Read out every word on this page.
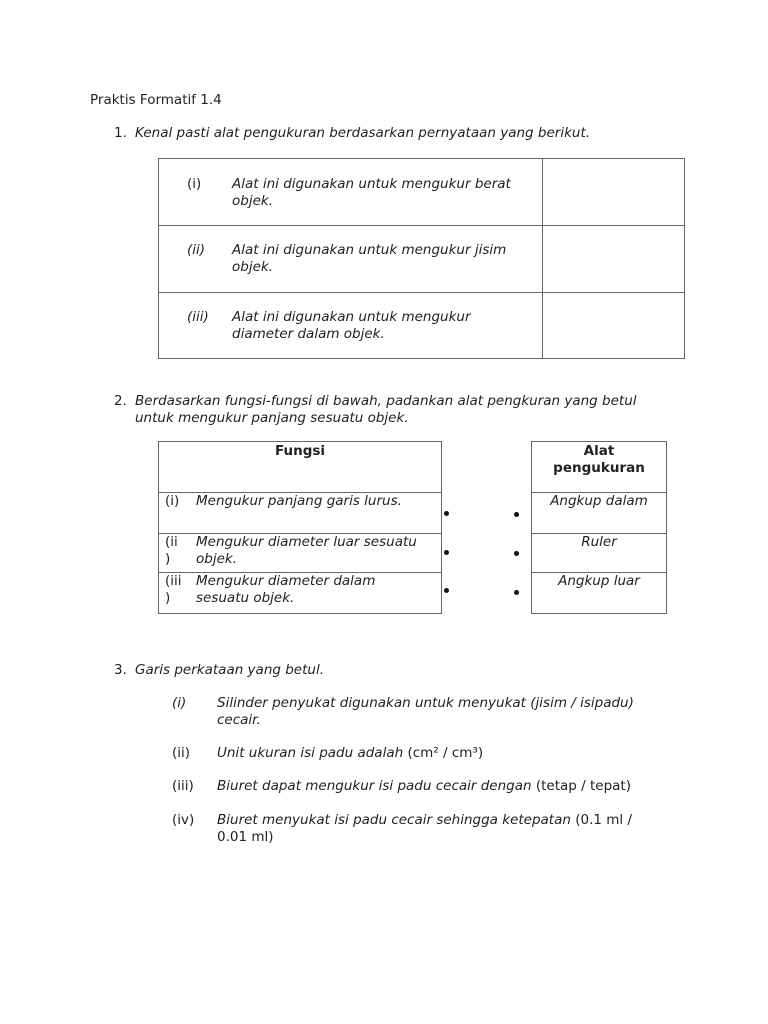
Praktis Formatif 1.4
1. Kenal pasti alat pengukuran berdasarkan pernyataan yang berikut.
(i) Alat ini digunakan untuk mengukur berat objek.
(ii) Alat ini digunakan untuk mengukur jisim objek.
(iii) Alat ini digunakan untuk mengukur diameter dalam objek.
2. Berdasarkan fungsi-fungsi di bawah, padankan alat pengkuran yang betul
untuk mengukur panjang sesuatu objek.
Fungsi
(i) Mengukur panjang garis lurus.
(ii
)
Mengukur diameter luar sesuatu
objek.
(iii
)
Mengukur diameter dalam
sesuatu objek.
Alat
pengukuran
Angkup dalam
Ruler
Angkup luar
3. Garis perkataan yang betul.
(i) Silinder penyukat digunakan untuk menyukat (jisim / isipadu)
cecair.
(ii) Unit ukuran isi padu adalah (cm² / cm³)
(iii) Biuret dapat mengukur isi padu cecair dengan (tetap / tepat)
(iv) Biuret menyukat isi padu cecair sehingga ketepatan (0.1 ml /
0.01 ml)
